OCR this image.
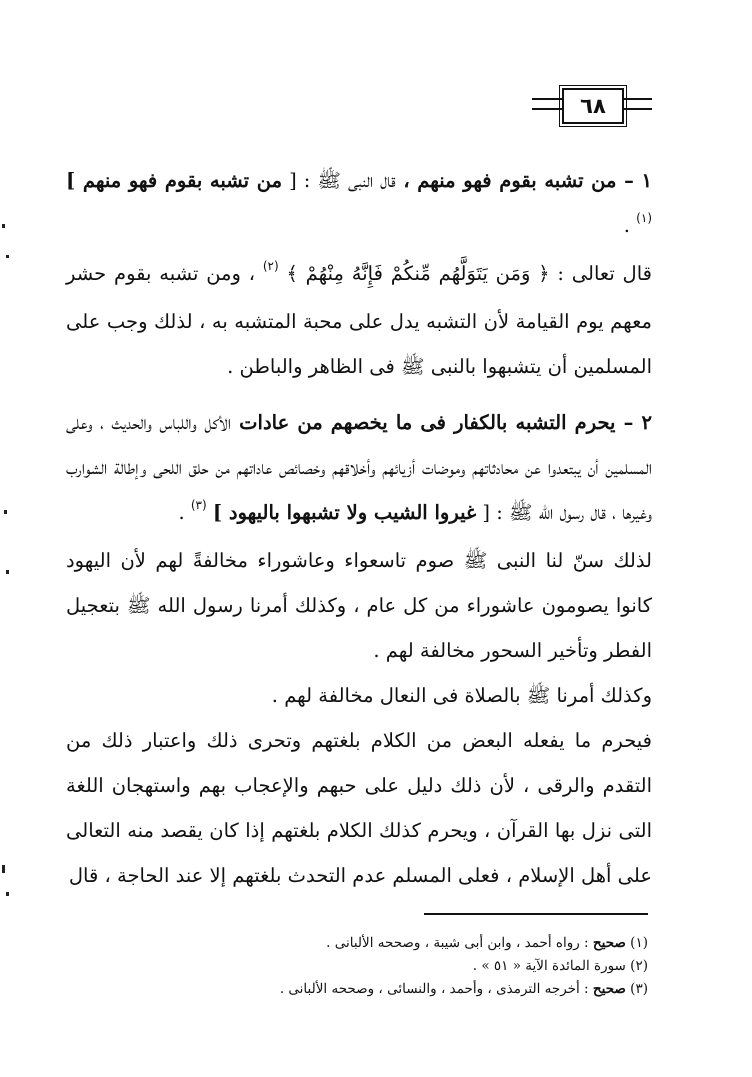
٦٨

١ – من تشبه بقوم فهو منهم ، قال النبى ﷺ : [ من تشبه بقوم فهو منهم ] $^{(١)}$ .

قال تعالى : ﴿ وَمَن يَتَوَلَّهُم مِّنكُمْ فَإِنَّهُ مِنْهُمْ ﴾ $^{(٢)}$ ، ومن تشبه بقوم حشر معهم يوم القيامة لأن التشبه يدل على محبة المتشبه به ، لذلك وجب على المسلمين أن يتشبهوا بالنبى ﷺ فى الظاهر والباطن .

٢ – يحرم التشبه بالكفار فى ما يخصهم من عادات الأكل واللباس والحديث ، وعلى المسلمين أن يبتعدوا عن محادثاتهم وموضات أزيائهم وأخلاقهم وخصائص عاداتهم من حلق اللحى وإطالة الشوارب وغيرها ، قال رسول الله ﷺ : [ غيروا الشيب ولا تشبهوا باليهود ] $^{(٣)}$ .

لذلك سنّ لنا النبى ﷺ صوم تاسعواء وعاشوراء مخالفةً لهم لأن اليهود كانوا يصومون عاشوراء من كل عام ، وكذلك أمرنا رسول الله ﷺ بتعجيل الفطر وتأخير السحور مخالفة لهم .

وكذلك أمرنا ﷺ بالصلاة فى النعال مخالفة لهم .

فيحرم ما يفعله البعض من الكلام بلغتهم وتحرى ذلك واعتبار ذلك من التقدم والرقى ، لأن ذلك دليل على حبهم والإعجاب بهم واستهجان اللغة التى نزل بها القرآن ، ويحرم كذلك الكلام بلغتهم إذا كان يقصد منه التعالى على أهل الإسلام ، فعلى المسلم عدم التحدث بلغتهم إلا عند الحاجة ، قال

(١) صحيح : رواه أحمد ، وابن أبى شيبة ، وصححه الألبانى .

(٢) سورة المائدة الآية « ٥١ » .

(٣) صحيح : أخرجه الترمذى ، وأحمد ، والنسائى ، وصححه الألبانى .
